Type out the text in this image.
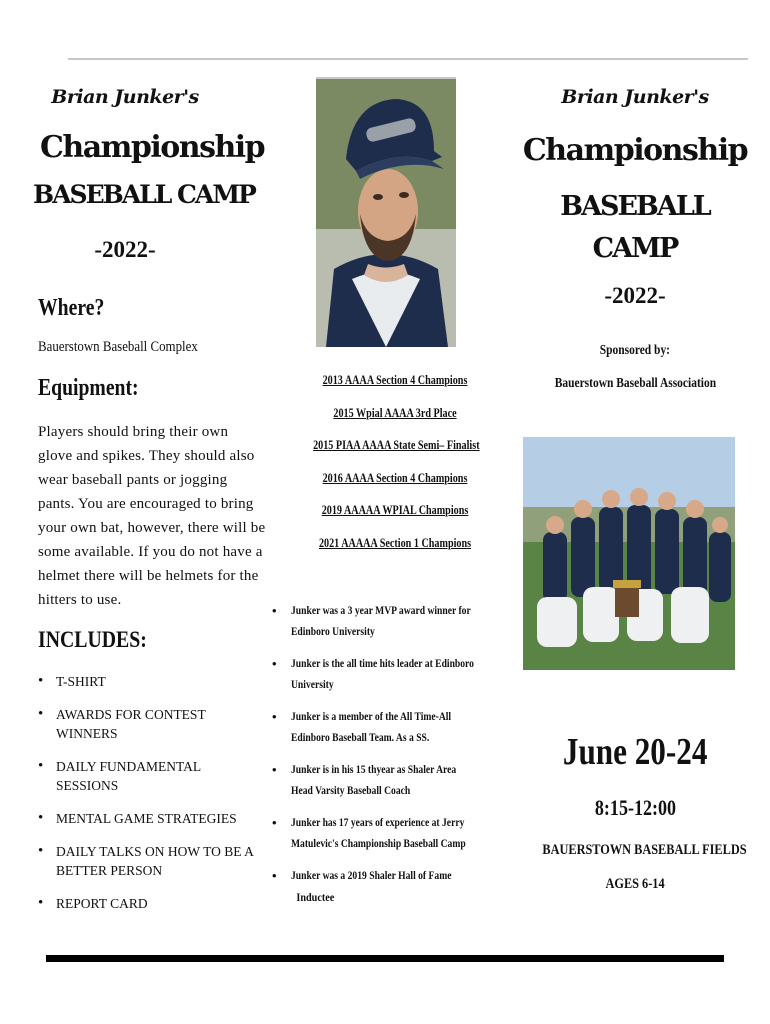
Brian Junker's
Championship
BASEBALL CAMP
-2022-
Where?
Bauerstown Baseball Complex
Equipment:
Players should bring their own glove and spikes. They should also wear baseball pants or jogging pants. You are encouraged to bring your own bat, however, there will be some available. If you do not have a helmet there will be helmets for the hitters to use.
INCLUDES:
• T-SHIRT
• AWARDS FOR CONTEST WINNERS
• DAILY FUNDAMENTAL SESSIONS
• MENTAL GAME STRATEGIES
• DAILY TALKS ON HOW TO BE A BETTER PERSON
• REPORT CARD
2013 AAAA Section 4 Champions
2015 Wpial AAAA 3rd Place
2015 PIAA AAAA State Semi– Finalist
2016 AAAA Section 4 Champions
2019 AAAAA WPIAL Champions
2021 AAAAA Section 1 Champions
• Junker was a 3 year MVP award winner for Edinboro University
• Junker is the all time hits leader at Edinboro University
• Junker is a member of the All Time-All Edinboro Baseball Team. As a SS.
• Junker is in his 15 thyear as Shaler Area Head Varsity Baseball Coach
• Junker has 17 years of experience at Jerry Matulevic's Championship Baseball Camp
• Junker was a 2019 Shaler Hall of Fame
Inductee
Brian Junker's
Championship
BASEBALL
CAMP
-2022-
Sponsored by:
Bauerstown Baseball Association
June 20-24
8:15-12:00
BAUERSTOWN BASEBALL FIELDS
AGES 6-14
